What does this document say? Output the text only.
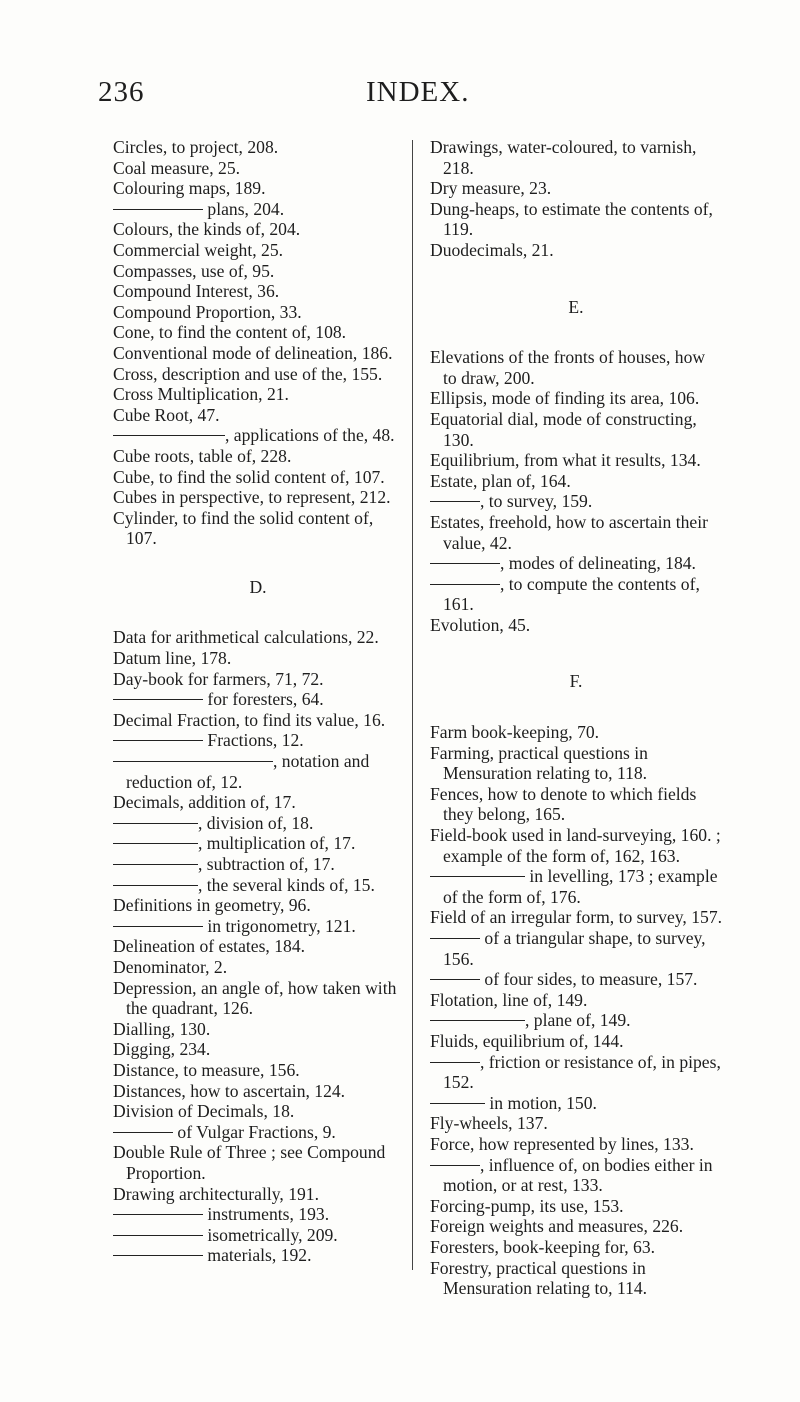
236	INDEX.
Circles, to project, 208.
Coal measure, 25.
Colouring maps, 189.
plans, 204.
Colours, the kinds of, 204.
Commercial weight, 25.
Compasses, use of, 95.
Compound Interest, 36.
Compound Proportion, 33.
Cone, to find the content of, 108.
Conventional mode of delineation, 186.
Cross, description and use of the, 155.
Cross Multiplication, 21.
Cube Root, 47.
, applications of the, 48.
Cube roots, table of, 228.
Cube, to find the solid content of, 107.
Cubes in perspective, to represent, 212.
Cylinder, to find the solid content of, 107.
D.
Data for arithmetical calculations, 22.
Datum line, 178.
Day-book for farmers, 71, 72.
for foresters, 64.
Decimal Fraction, to find its value, 16.
Fractions, 12.
, notation and reduction of, 12.
Decimals, addition of, 17.
, division of, 18.
, multiplication of, 17.
, subtraction of, 17.
, the several kinds of, 15.
Definitions in geometry, 96.
in trigonometry, 121.
Delineation of estates, 184.
Denominator, 2.
Depression, an angle of, how taken with the quadrant, 126.
Dialling, 130.
Digging, 234.
Distance, to measure, 156.
Distances, how to ascertain, 124.
Division of Decimals, 18.
of Vulgar Fractions, 9.
Double Rule of Three ; see Compound Proportion.
Drawing architecturally, 191.
instruments, 193.
isometrically, 209.
materials, 192.
Drawings, water-coloured, to varnish, 218.
Dry measure, 23.
Dung-heaps, to estimate the contents of, 119.
Duodecimals, 21.
E.
Elevations of the fronts of houses, how to draw, 200.
Ellipsis, mode of finding its area, 106.
Equatorial dial, mode of constructing, 130.
Equilibrium, from what it results, 134.
Estate, plan of, 164.
, to survey, 159.
Estates, freehold, how to ascertain their value, 42.
, modes of delineating, 184.
, to compute the contents of, 161.
Evolution, 45.
F.
Farm book-keeping, 70.
Farming, practical questions in Mensuration relating to, 118.
Fences, how to denote to which fields they belong, 165.
Field-book used in land-surveying, 160. ; example of the form of, 162, 163.
in levelling, 173 ; example of the form of, 176.
Field of an irregular form, to survey, 157.
of a triangular shape, to survey, 156.
of four sides, to measure, 157.
Flotation, line of, 149.
, plane of, 149.
Fluids, equilibrium of, 144.
, friction or resistance of, in pipes, 152.
in motion, 150.
Fly-wheels, 137.
Force, how represented by lines, 133.
, influence of, on bodies either in motion, or at rest, 133.
Forcing-pump, its use, 153.
Foreign weights and measures, 226.
Foresters, book-keeping for, 63.
Forestry, practical questions in Mensuration relating to, 114.
